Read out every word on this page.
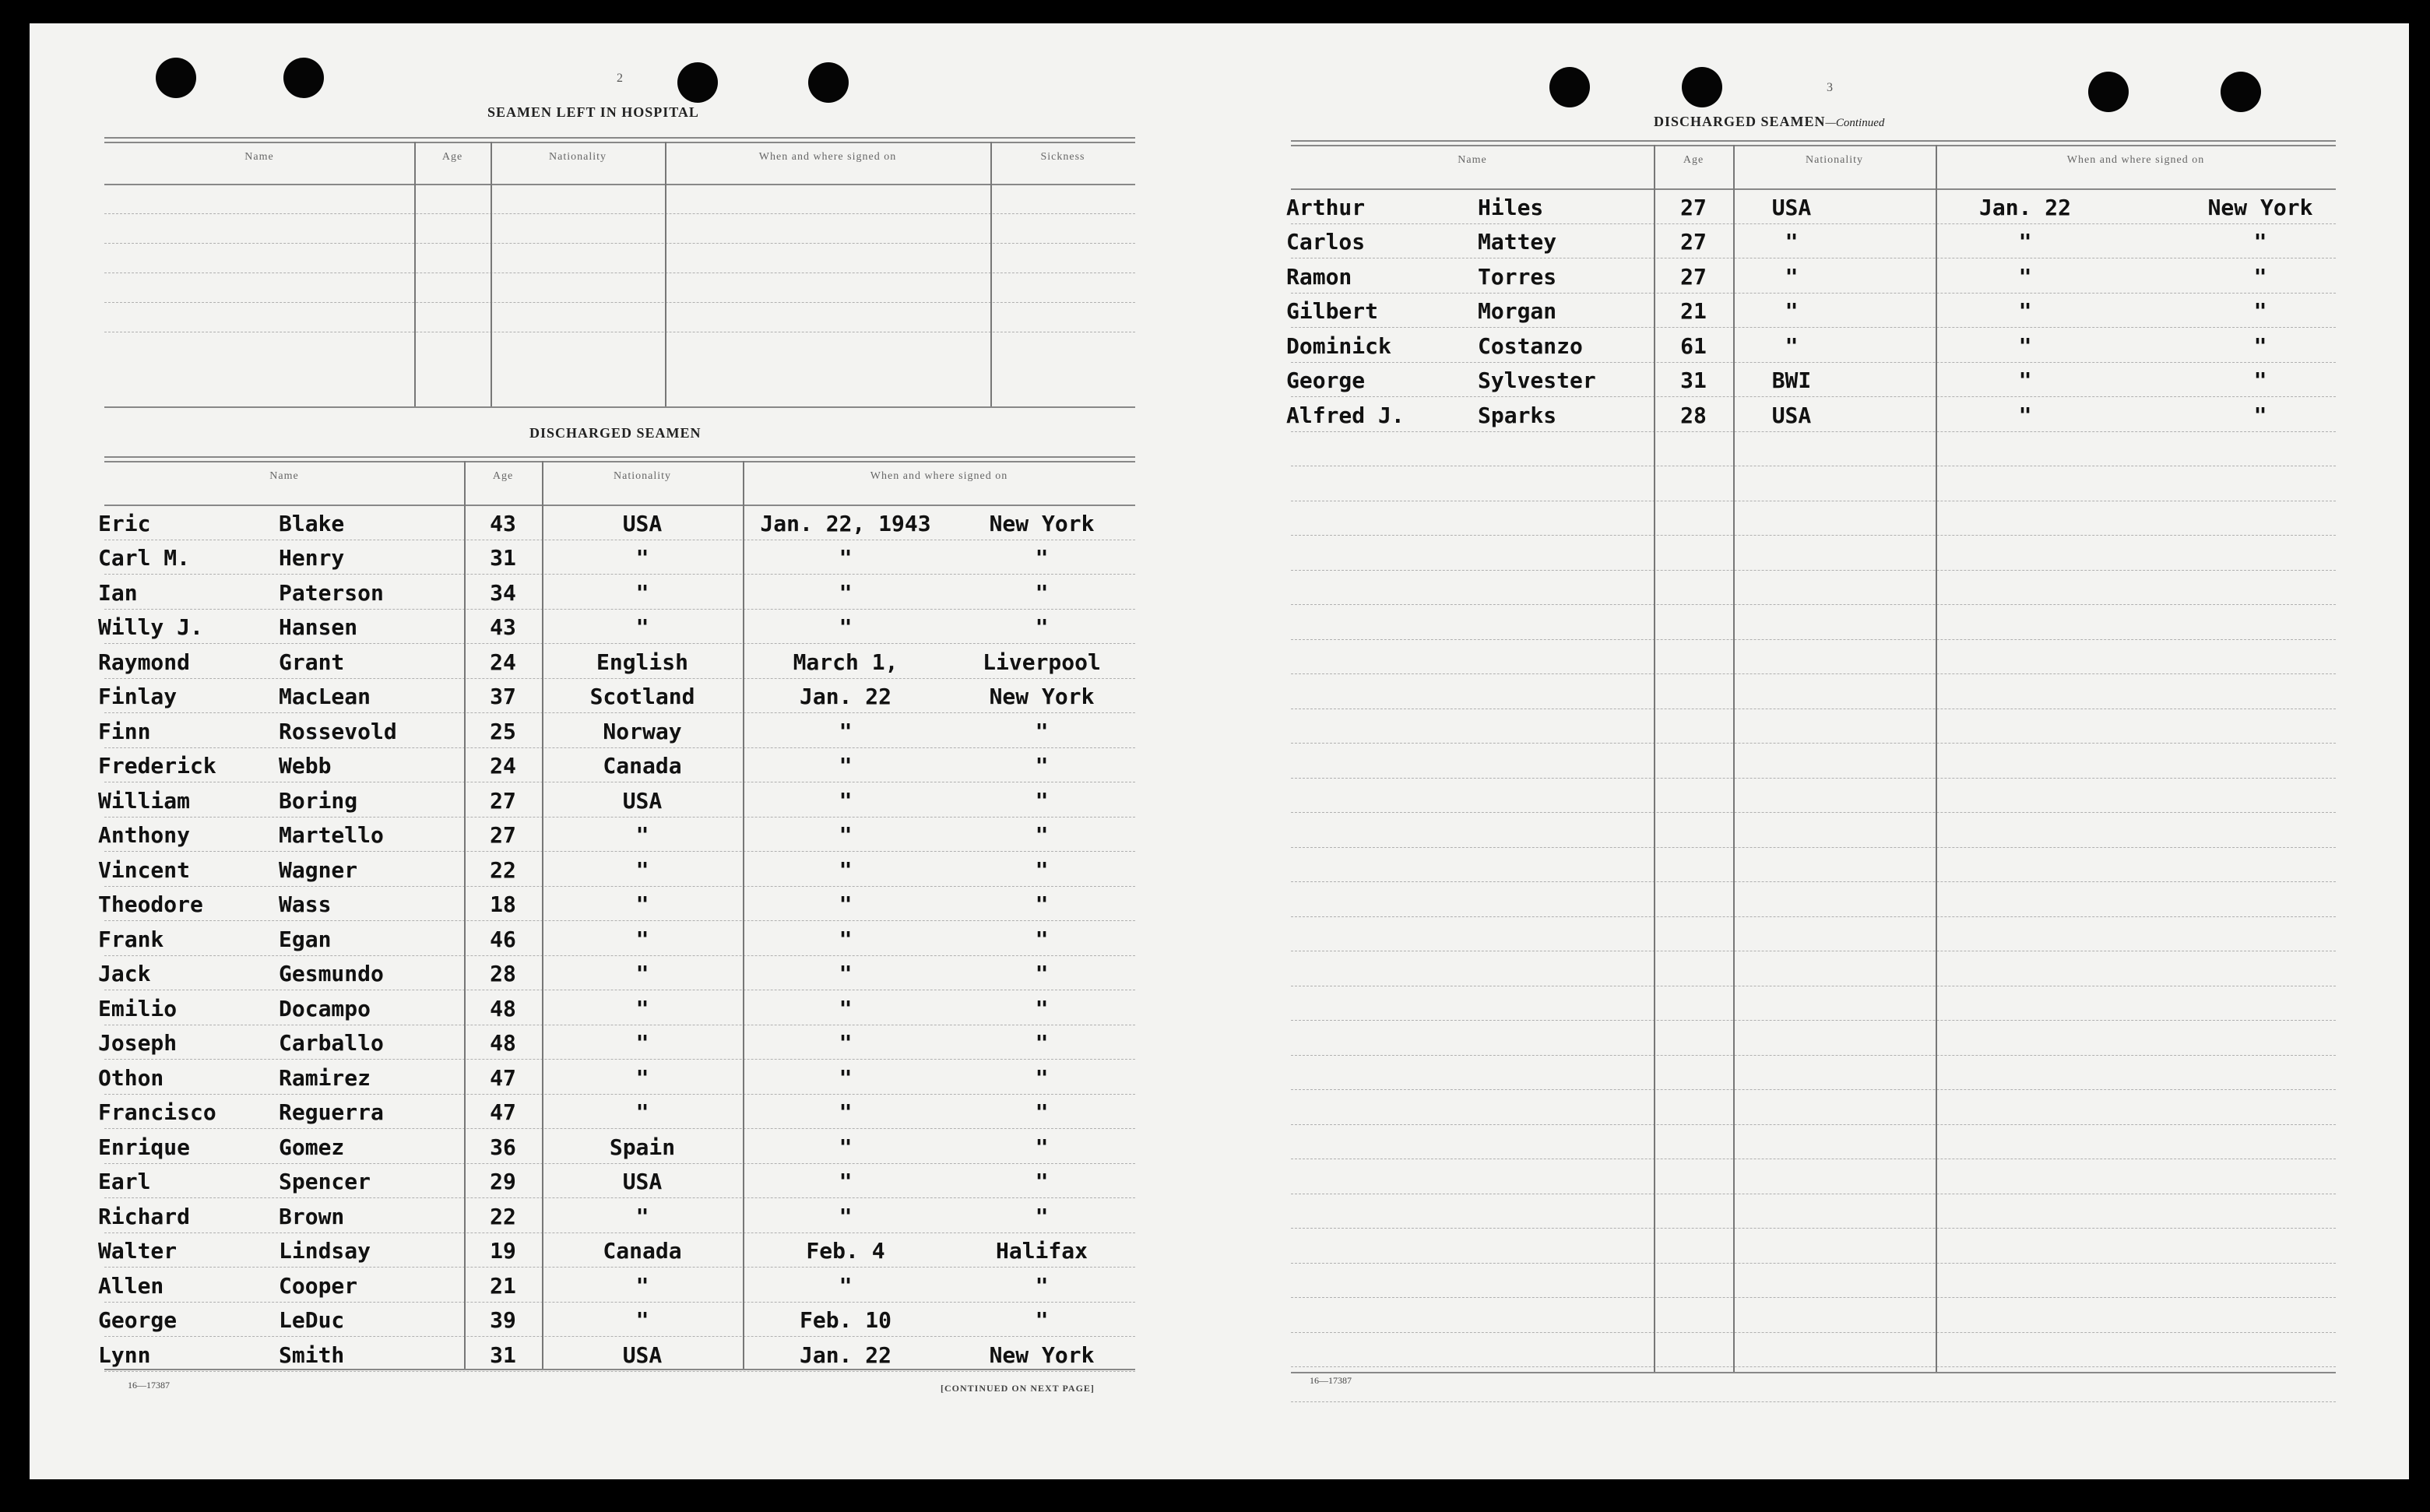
2
SEAMEN LEFT IN HOSPITAL
Name	Age	Nationality	When and where signed on	Sickness
DISCHARGED SEAMEN
Name	Age	Nationality	When and where signed on
Eric	Blake	43	USA	Jan. 22, 1943	New York
Carl M.	Henry	31	"	"	"
Ian	Paterson	34	"	"	"
Willy J.	Hansen	43	"	"	"
Raymond	Grant	24	English	March 1,	Liverpool
Finlay	MacLean	37	Scotland	Jan. 22	New York
Finn	Rossevold	25	Norway	"	"
Frederick	Webb	24	Canada	"	"
William	Boring	27	USA	"	"
Anthony	Martello	27	"	"	"
Vincent	Wagner	22	"	"	"
Theodore	Wass	18	"	"	"
Frank	Egan	46	"	"	"
Jack	Gesmundo	28	"	"	"
Emilio	Docampo	48	"	"	"
Joseph	Carballo	48	"	"	"
Othon	Ramirez	47	"	"	"
Francisco	Reguerra	47	"	"	"
Enrique	Gomez	36	Spain	"	"
Earl	Spencer	29	USA	"	"
Richard	Brown	22	"	"	"
Walter	Lindsay	19	Canada	Feb. 4	Halifax
Allen	Cooper	21	"	"	"
George	LeDuc	39	"	Feb. 10	"
Lynn	Smith	31	USA	Jan. 22	New York
16—17387	[CONTINUED ON NEXT PAGE]
3
DISCHARGED SEAMEN—Continued
Name	Age	Nationality	When and where signed on
Arthur	Hiles	27	USA	Jan. 22	New York
Carlos	Mattey	27	"	"	"
Ramon	Torres	27	"	"	"
Gilbert	Morgan	21	"	"	"
Dominick	Costanzo	61	"	"	"
George	Sylvester	31	BWI	"	"
Alfred J.	Sparks	28	USA	"	"
16—17387
